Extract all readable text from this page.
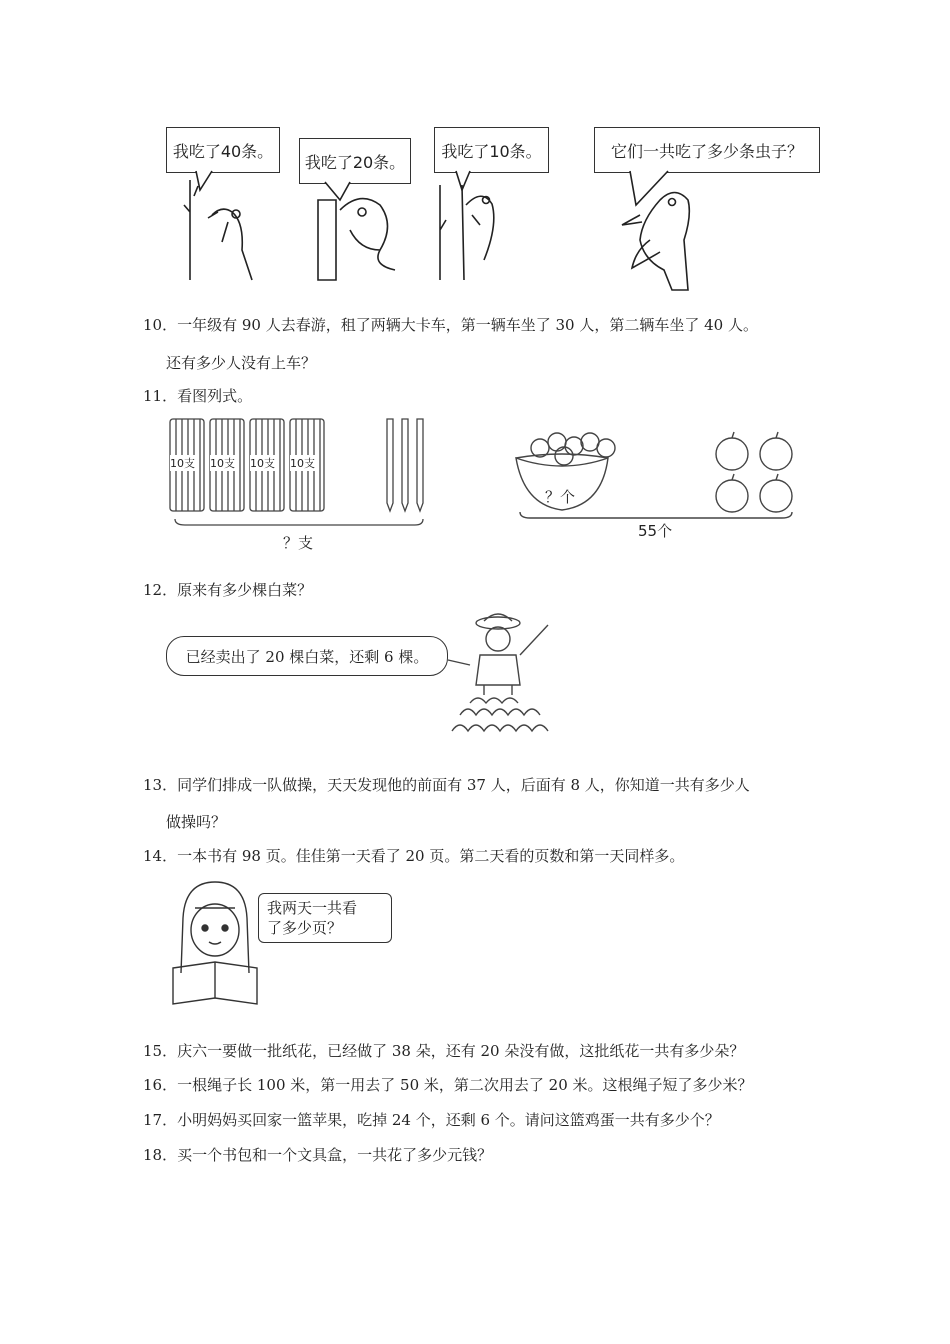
我吃了40条。
我吃了20条。
我吃了10条。	它们一共吃了多少条虫子？
10．一年级有 90 人去春游，租了两辆大卡车，第一辆车坐了 30 人，第二辆车坐了 40 人。
还有多少人没有上车？
11．看图列式。
10支 10支 10支 10支
？支
？个
55个
12．原来有多少棵白菜？
已经卖出了 20 棵白菜，还剩 6 棵。
13．同学们排成一队做操，天天发现他的前面有 37 人，后面有 8 人，你知道一共有多少人
做操吗？
14．一本书有 98 页。佳佳第一天看了 20 页。第二天看的页数和第一天同样多。
我两天一共看
了多少页？
15．庆六一要做一批纸花，已经做了 38 朵，还有 20 朵没有做，这批纸花一共有多少朵？
16．一根绳子长 100 米，第一用去了 50 米，第二次用去了 20 米。这根绳子短了多少米？
17．小明妈妈买回家一篮苹果，吃掉 24 个，还剩 6 个。请问这篮鸡蛋一共有多少个？
18．买一个书包和一个文具盒，一共花了多少元钱？
